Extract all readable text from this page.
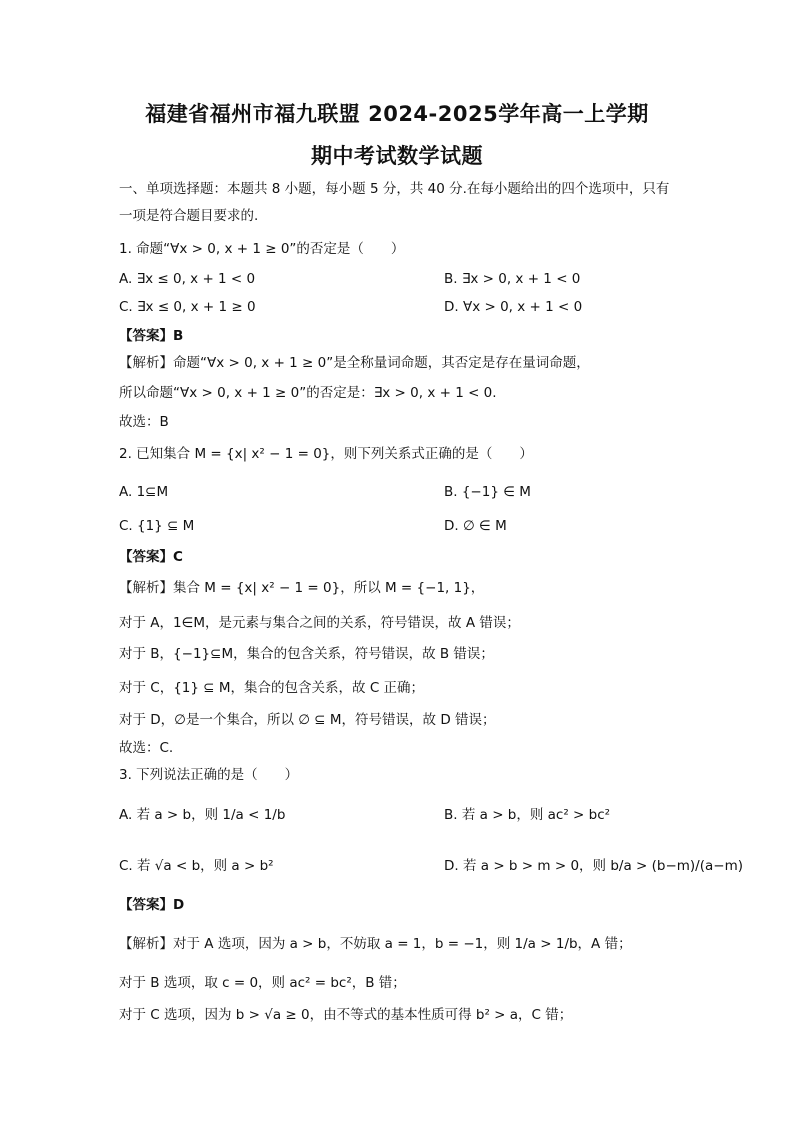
福建省福州市福九联盟 2024-2025学年高一上学期
期中考试数学试题
一、单项选择题：本题共 8 小题，每小题 5 分，共 40 分.在每小题给出的四个选项中，只有
一项是符合题目要求的.
1. 命题“∀x > 0, x + 1 ≥ 0”的否定是（　　）
A. ∃x ≤ 0, x + 1 < 0	B. ∃x > 0, x + 1 < 0
C. ∃x ≤ 0, x + 1 ≥ 0	D. ∀x > 0, x + 1 < 0
【答案】B
【解析】命题“∀x > 0, x + 1 ≥ 0”是全称量词命题，其否定是存在量词命题，
所以命题“∀x > 0, x + 1 ≥ 0”的否定是：∃x > 0, x + 1 < 0.
故选：B
2. 已知集合 M = {x| x² − 1 = 0}，则下列关系式正确的是（　　）
A. 1⊆M	B. {−1} ∈ M
C. {1} ⊆ M	D. ∅ ∈ M
【答案】C
【解析】集合 M = {x| x² − 1 = 0}，所以 M = {−1, 1}，
对于 A，1∈M，是元素与集合之间的关系，符号错误，故 A 错误；
对于 B，{−1}⊆M，集合的包含关系，符号错误，故 B 错误；
对于 C，{1} ⊆ M，集合的包含关系，故 C 正确；
对于 D，∅是一个集合，所以 ∅ ⊆ M，符号错误，故 D 错误；
故选：C.
3. 下列说法正确的是（　　）
A. 若 a > b，则 1/a < 1/b	B. 若 a > b，则 ac² > bc²
C. 若 √a < b，则 a > b²	D. 若 a > b > m > 0，则 b/a > (b−m)/(a−m)
【答案】D
【解析】对于 A 选项，因为 a > b，不妨取 a = 1，b = −1，则 1/a > 1/b，A 错；
对于 B 选项，取 c = 0，则 ac² = bc²，B 错；
对于 C 选项，因为 b > √a ≥ 0，由不等式的基本性质可得 b² > a，C 错；
